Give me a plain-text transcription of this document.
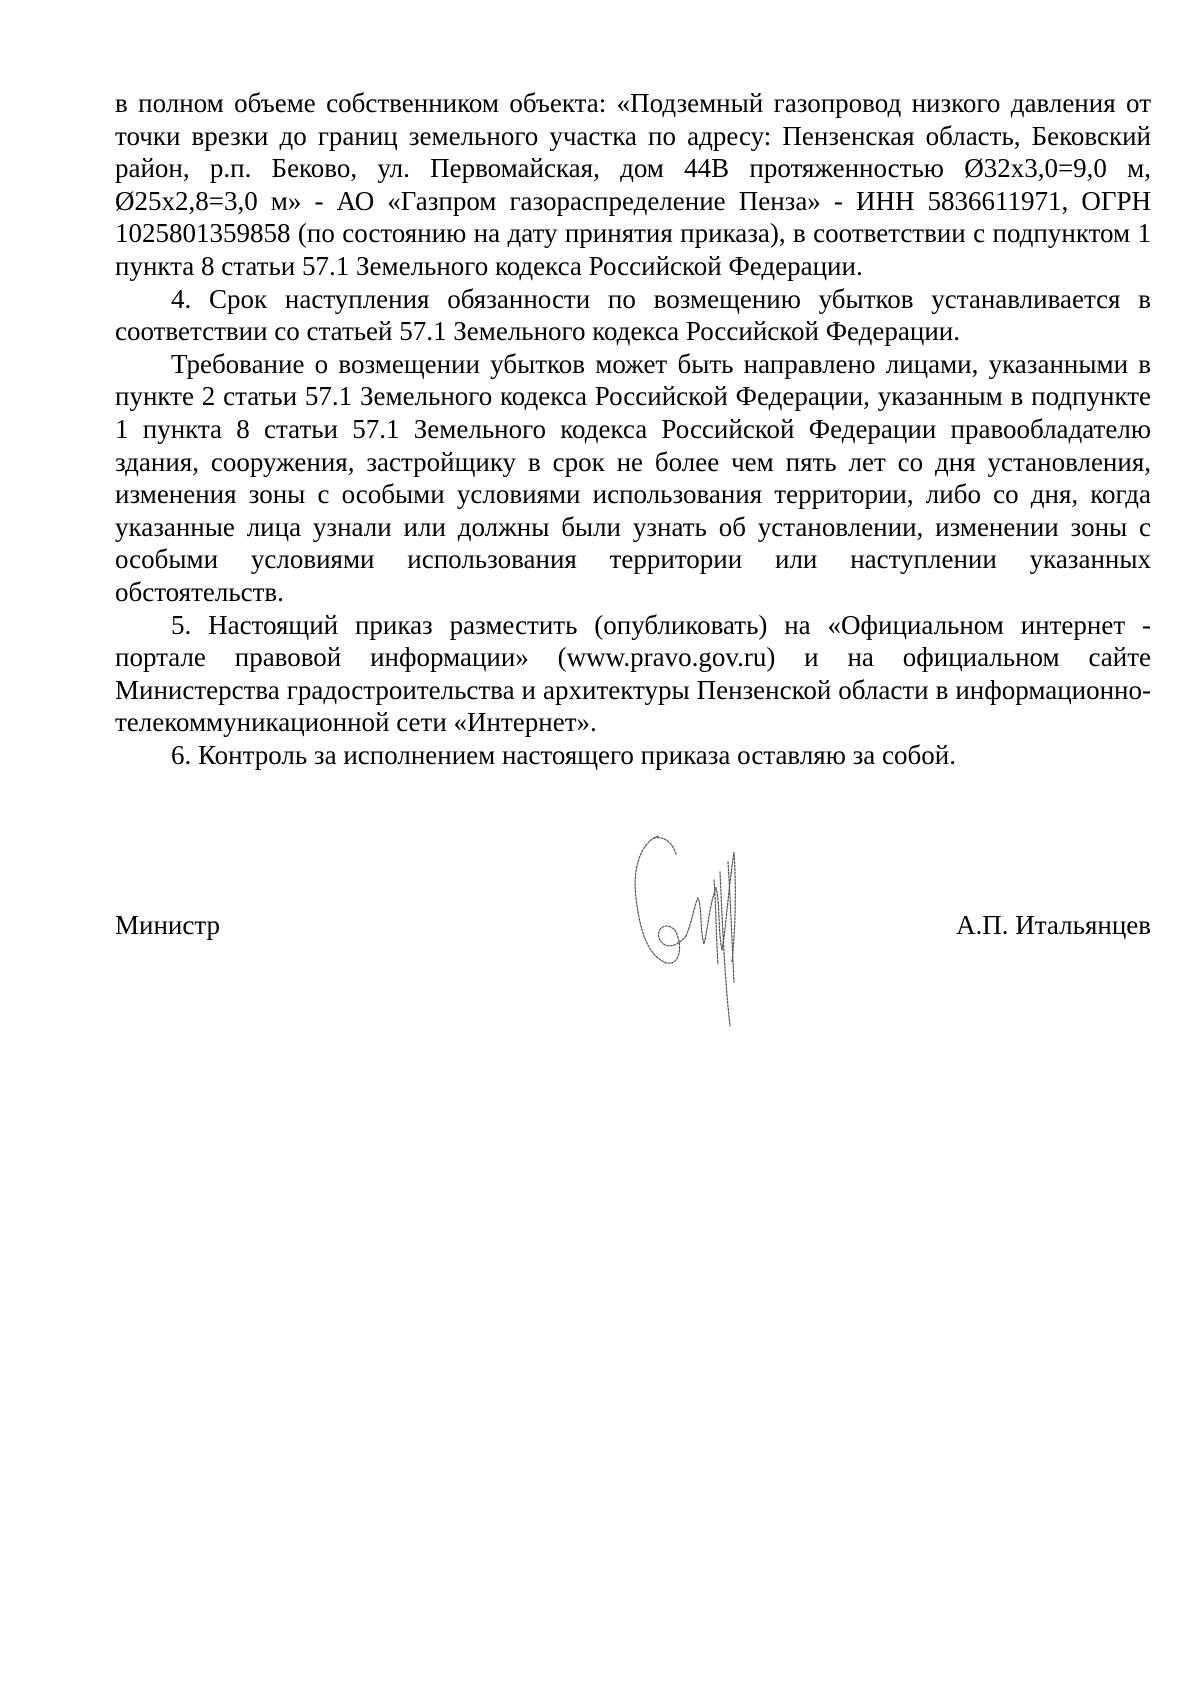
в полном объеме собственником объекта: «Подземный газопровод низкого давления от точки врезки до границ земельного участка по адресу: Пензенская область, Бековский район, р.п. Беково, ул. Первомайская, дом 44В протяженностью Ø32х3,0=9,0 м, Ø25х2,8=3,0 м» - АО «Газпром газораспределение Пенза» - ИНН 5836611971, ОГРН 1025801359858 (по состоянию на дату принятия приказа), в соответствии с подпунктом 1 пункта 8 статьи 57.1 Земельного кодекса Российской Федерации.

4. Срок наступления обязанности по возмещению убытков устанавливается в соответствии со статьей 57.1 Земельного кодекса Российской Федерации.

Требование о возмещении убытков может быть направлено лицами, указанными в пункте 2 статьи 57.1 Земельного кодекса Российской Федерации, указанным в подпункте 1 пункта 8 статьи 57.1 Земельного кодекса Российской Федерации правообладателю здания, сооружения, застройщику в срок не более чем пять лет со дня установления, изменения зоны с особыми условиями использования территории, либо со дня, когда указанные лица узнали или должны были узнать об установлении, изменении зоны с особыми условиями использования территории или наступлении указанных обстоятельств.

5. Настоящий приказ разместить (опубликовать) на «Официальном интернет - портале правовой информации» (www.pravo.gov.ru) и на официальном сайте Министерства градостроительства и архитектуры Пензенской области в информационно-телекоммуникационной сети «Интернет».

6. Контроль за исполнением настоящего приказа оставляю за собой.

Министр	А.П. Итальянцев
